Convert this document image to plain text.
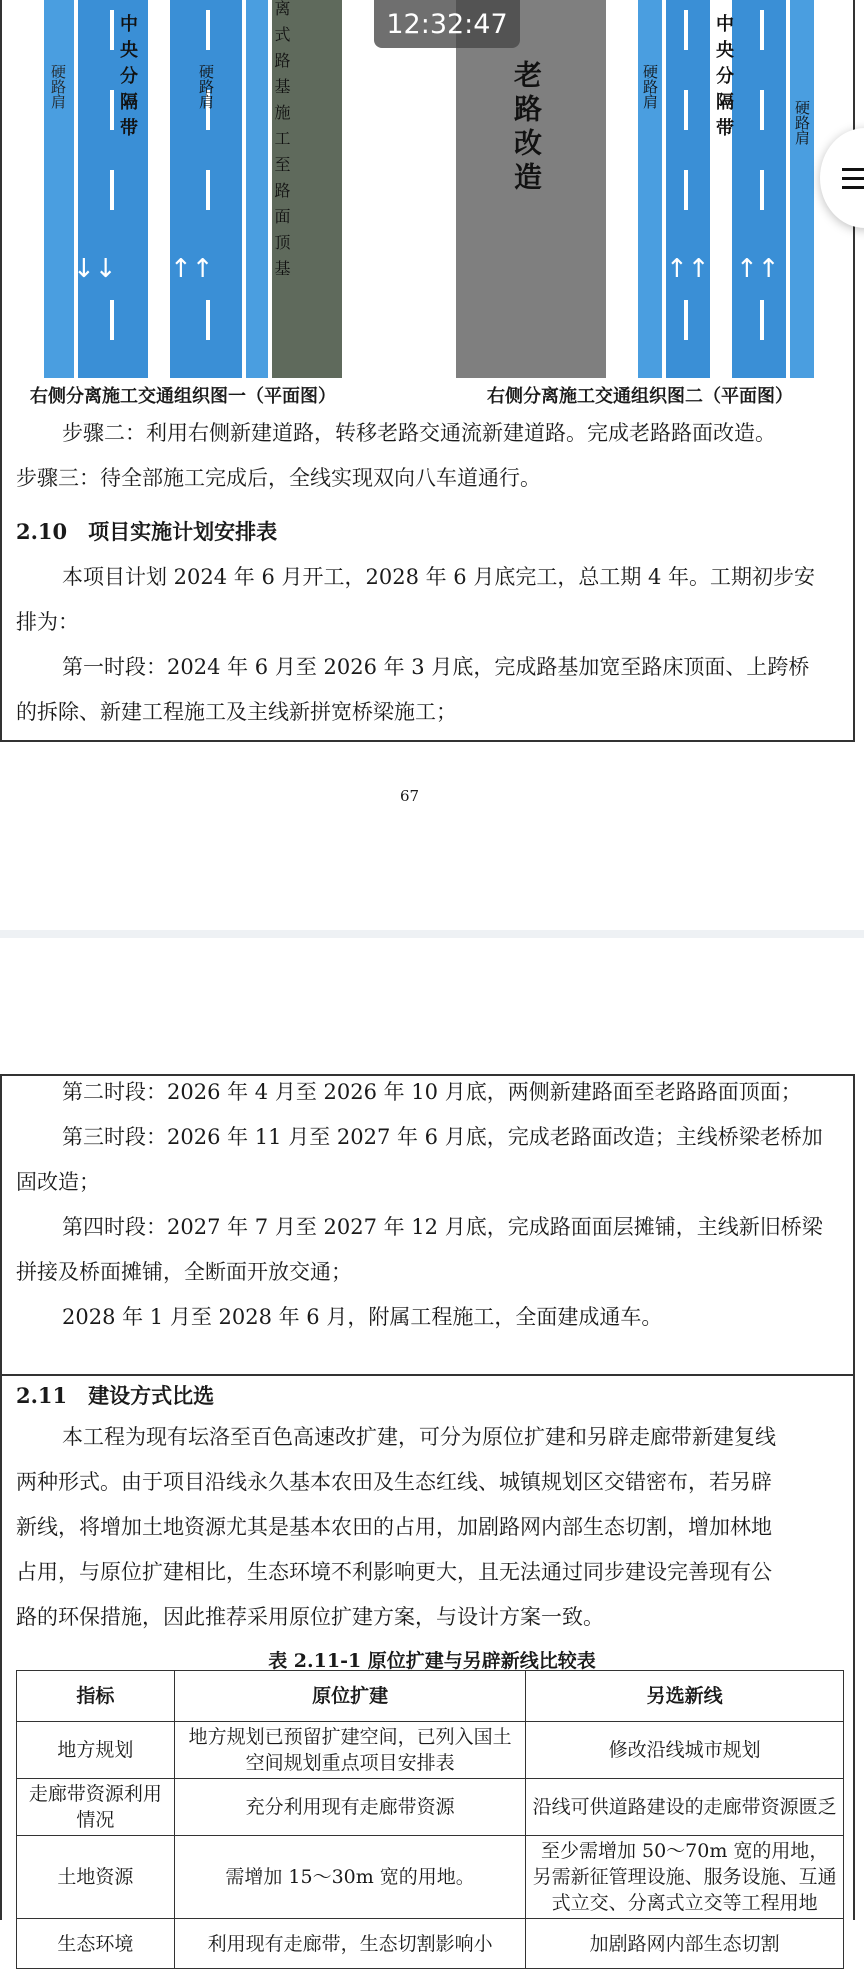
硬路肩	中央分隔带	硬路肩	离式路基施工至路面顶基
↓↓ ↑↑
老路改造	硬路肩	中央分隔带	硬路肩
↑↑ ↑↑
右侧分离施工交通组织图一（平面图）	右侧分离施工交通组织图二（平面图）
步骤二：利用右侧新建道路，转移老路交通流新建道路。完成老路路面改造。
步骤三：待全部施工完成后，全线实现双向八车道通行。
2.10　项目实施计划安排表
本项目计划 2024 年 6 月开工，2028 年 6 月底完工，总工期 4 年。工期初步安
排为：
第一时段：2024 年 6 月至 2026 年 3 月底，完成路基加宽至路床顶面、上跨桥
的拆除、新建工程施工及主线新拼宽桥梁施工；
67
第二时段：2026 年 4 月至 2026 年 10 月底，两侧新建路面至老路路面顶面；
第三时段：2026 年 11 月至 2027 年 6 月底，完成老路面改造；主线桥梁老桥加
固改造；
第四时段：2027 年 7 月至 2027 年 12 月底，完成路面面层摊铺，主线新旧桥梁
拼接及桥面摊铺，全断面开放交通；
2028 年 1 月至 2028 年 6 月，附属工程施工，全面建成通车。
2.11　建设方式比选
本工程为现有坛洛至百色高速改扩建，可分为原位扩建和另辟走廊带新建复线
两种形式。由于项目沿线永久基本农田及生态红线、城镇规划区交错密布，若另辟
新线，将增加土地资源尤其是基本农田的占用，加剧路网内部生态切割，增加林地
占用，与原位扩建相比，生态环境不利影响更大，且无法通过同步建设完善现有公
路的环保措施，因此推荐采用原位扩建方案，与设计方案一致。
表 2.11-1 原位扩建与另辟新线比较表
指标	原位扩建	另选新线
地方规划	地方规划已预留扩建空间，已列入国土空间规划重点项目安排表	修改沿线城市规划
走廊带资源利用情况	充分利用现有走廊带资源	沿线可供道路建设的走廊带资源匮乏
土地资源	需增加 15～30m 宽的用地。	至少需增加 50～70m 宽的用地，另需新征管理设施、服务设施、互通式立交、分离式立交等工程用地
生态环境	利用现有走廊带，生态切割影响小	加剧路网内部生态切割
12:32:47
